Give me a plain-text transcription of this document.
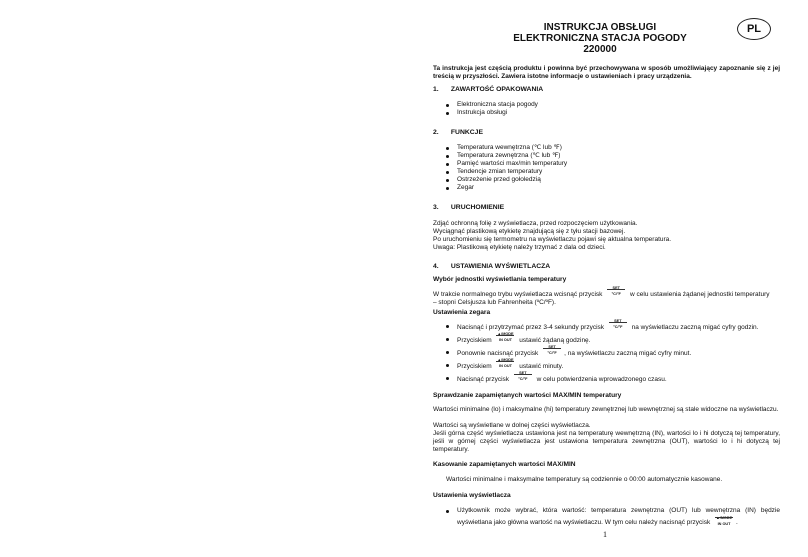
INSTRUKCJA OBSŁUGI
ELEKTRONICZNA STACJA POGODY
220000
PL
Ta instrukcja jest częścią produktu i powinna być przechowywana w sposób umożliwiający zapoznanie się z jej treścią w przyszłości. Zawiera istotne informacje o ustawieniach i pracy urządzenia.
1. ZAWARTOŚĆ OPAKOWANIA
Elektroniczna stacja pogody
Instrukcja obsługi
2. FUNKCJE
Temperatura wewnętrzna (℃ lub ℉)
Temperatura zewnętrzna (℃ lub ℉)
Pamięć wartości max/min temperatury
Tendencje zmian temperatury
Ostrzeżenie przed gołoledzią
Zegar
3. URUCHOMIENIE
Zdjąć ochronną folię z wyświetlacza, przed rozpoczęciem użytkowania.
Wyciągnąć plastikową etykietę znajdującą się z tyłu stacji bazowej.
Po uruchomieniu się termometru na wyświetlaczu pojawi się aktualna temperatura.
Uwaga: Plastikową etykietę należy trzymać z dala od dzieci.
4. USTAWIENIA WYŚWIETLACZA
Wybór jednostki wyświetlania temperatury
W trakcie normalnego trybu wyświetlacza wcisnąć przycisk
SET
°C/°F	w celu ustawienia żądanej jednostki temperatury
– stopni Celsjusza lub Fahrenheita (ºC/ºF).
Ustawienia zegara
Nacisnąć i przytrzymać przez 3-4 sekundy przycisk
SET
°C/°F	na wyświetlaczu zaczną migać cyfry godzin.
Przyciskiem
▲/MODE
IN OUT	ustawić żądaną godzinę.
Ponownie nacisnąć przycisk
SET
°C/°F	, na wyświetlaczu zaczną migać cyfry minut.
Przyciskiem
▲/MODE
IN OUT	ustawić minuty.
Nacisnąć przycisk
SET
°C/°F	w celu potwierdzenia wprowadzonego czasu.
Sprawdzanie zapamiętanych wartości MAX/MIN temperatury
Wartości minimalne (lo) i maksymalne (hi) temperatury zewnętrznej lub wewnętrznej są stale widoczne na wyświetlaczu.
Wartości są wyświetlane w dolnej części wyświetlacza.
Jeśli górna część wyświetlacza ustawiona jest na temperaturę wewnętrzną (IN), wartości lo i hi dotyczą tej temperatury, jeśli w górnej części wyświetlacza jest ustawiona temperatura zewnętrzna (OUT), wartości lo i hi dotyczą tej temperatury.
Kasowanie zapamiętanych wartości MAX/MIN
Wartości minimalne i maksymalne temperatury są codziennie o 00:00 automatycznie kasowane.
Ustawienia wyświetlacza
Użytkownik może wybrać, która wartość: temperatura zewnętrzna (OUT) lub wewnętrzna (IN) będzie wyświetlana jako główna wartość na wyświetlaczu. W tym celu należy nacisnąć przycisk
▲/MODE
IN OUT .
1
